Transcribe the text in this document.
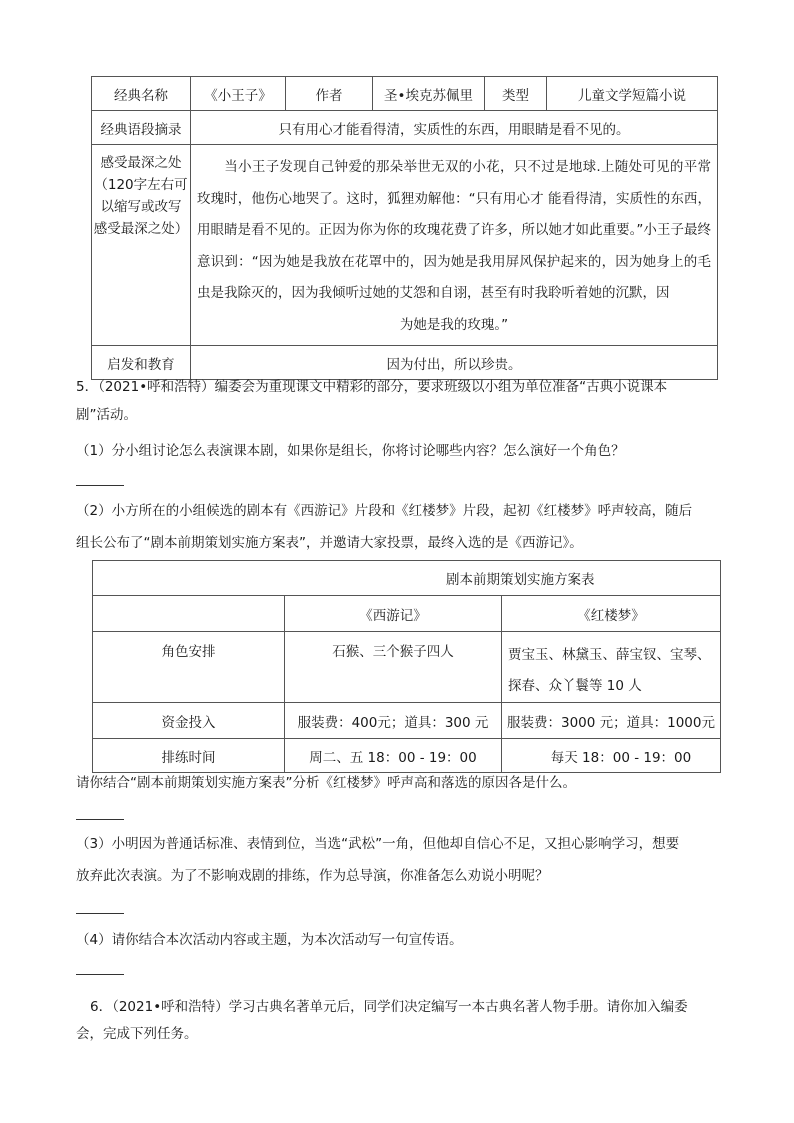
经典名称	《小王子》	作者	圣•埃克苏佩里	类型	儿童文学短篇小说
经典语段摘录	只有用心才能看得清，实质性的东西，用眼睛是看不见的。				
感受最深之处
（120字左右可
以缩写或改写
感受最深之处）	当小王子发现自己钟爱的那朵举世无双的小花，只不过是地球.上随处可见的平常玫瑰时，他伤心地哭了。这时，狐狸劝解他：“只有用心才 能看得清，实质性的东西，用眼睛是看不见的。正因为你为你的玫瑰花费了许多，所以她才如此重要。”小王子最终意识到：“因为她是我放在花罩中的，因为她是我用屏风保护起来的，因为她身上的毛虫是我除灭的，因为我倾听过她的艾怨和自诩，甚至有时我聆听着她的沉默，因
为她是我的玫瑰。”				

启发和教育	因为付出，所以珍贵。				
5．（2021•呼和浩特）编委会为重现课文中精彩的部分，要求班级以小组为单位准备“古典小说课本
剧”活动。
（1）分小组讨论怎么表演课本剧，如果你是组长，你将讨论哪些内容？怎么演好一个角色？
（2）小方所在的小组候选的剧本有《西游记》片段和《红楼梦》片段，起初《红楼梦》呼声较高，随后
组长公布了“剧本前期策划实施方案表”，并邀请大家投票，最终入选的是《西游记》。
剧本前期策划实施方案表		
	《西游记》	《红楼梦》
角色安排	石猴、三个猴子四人	贾宝玉、林黛玉、薛宝钗、宝琴、探春、众丫鬟等 10 人
资金投入	服装费：400元；道具：300 元	服装费：3000 元；道具：1000元
排练时间	周二、五 18：00 - 19：00	每天 18：00 - 19：00
请你结合“剧本前期策划实施方案表”分析《红楼梦》呼声高和落选的原因各是什么。
（3）小明因为普通话标准、表情到位，当选“武松”一角，但他却自信心不足，又担心影响学习，想要
放弃此次表演。为了不影响戏剧的排练，作为总导演，你准备怎么劝说小明呢？
（4）请你结合本次活动内容或主题，为本次活动写一句宣传语。
6．（2021•呼和浩特）学习古典名著单元后，同学们决定编写一本古典名著人物手册。请你加入编委
会，完成下列任务。
